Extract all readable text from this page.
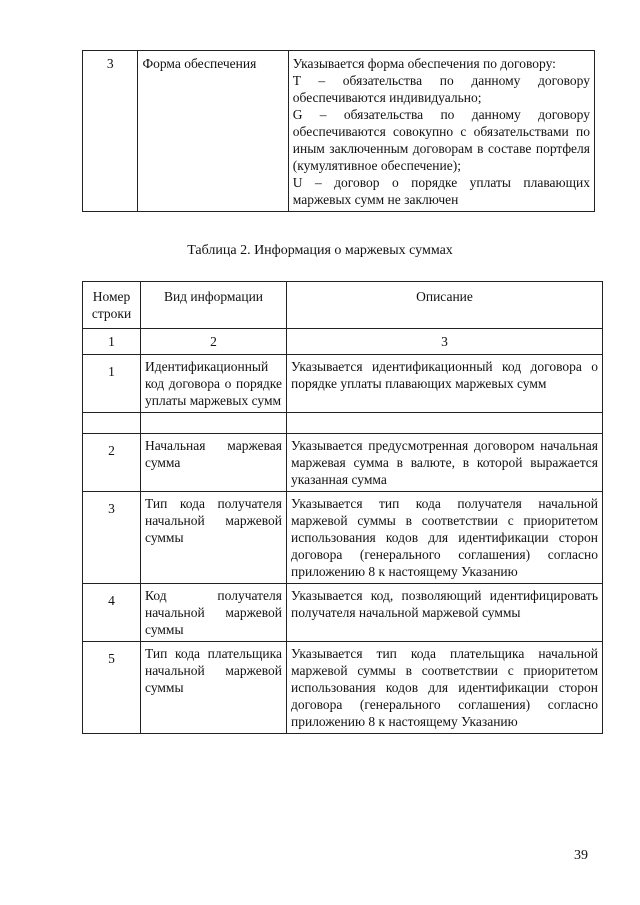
3	Форма обеспечения	Указывается форма обеспечения по договору:
T – обязательства по данному договору обеспечиваются индивидуально;
G – обязательства по данному договору обеспечиваются совокупно с обязательствами по иным заключенным договорам в составе портфеля (кумулятивное обеспечение);
U – договор о порядке уплаты плавающих маржевых сумм не заключен
Таблица 2. Информация о маржевых суммах
Номер строки	Вид информации	Описание
1	2	3
1	Идентификационный код договора о порядке уплаты маржевых сумм	Указывается идентификационный код договора о порядке уплаты плавающих маржевых сумм

2	Начальная маржевая сумма	Указывается предусмотренная договором начальная маржевая сумма в валюте, в которой выражается указанная сумма
3	Тип кода получателя начальной маржевой суммы	Указывается тип кода получателя начальной маржевой суммы в соответствии с приоритетом использования кодов для идентификации сторон договора (генерального соглашения) согласно приложению 8 к настоящему Указанию
4	Код получателя начальной маржевой суммы	Указывается код, позволяющий идентифицировать получателя начальной маржевой суммы
5	Тип кода плательщика начальной маржевой суммы	Указывается тип кода плательщика начальной маржевой суммы в соответствии с приоритетом использования кодов для идентификации сторон договора (генерального соглашения) согласно приложению 8 к настоящему Указанию
39
